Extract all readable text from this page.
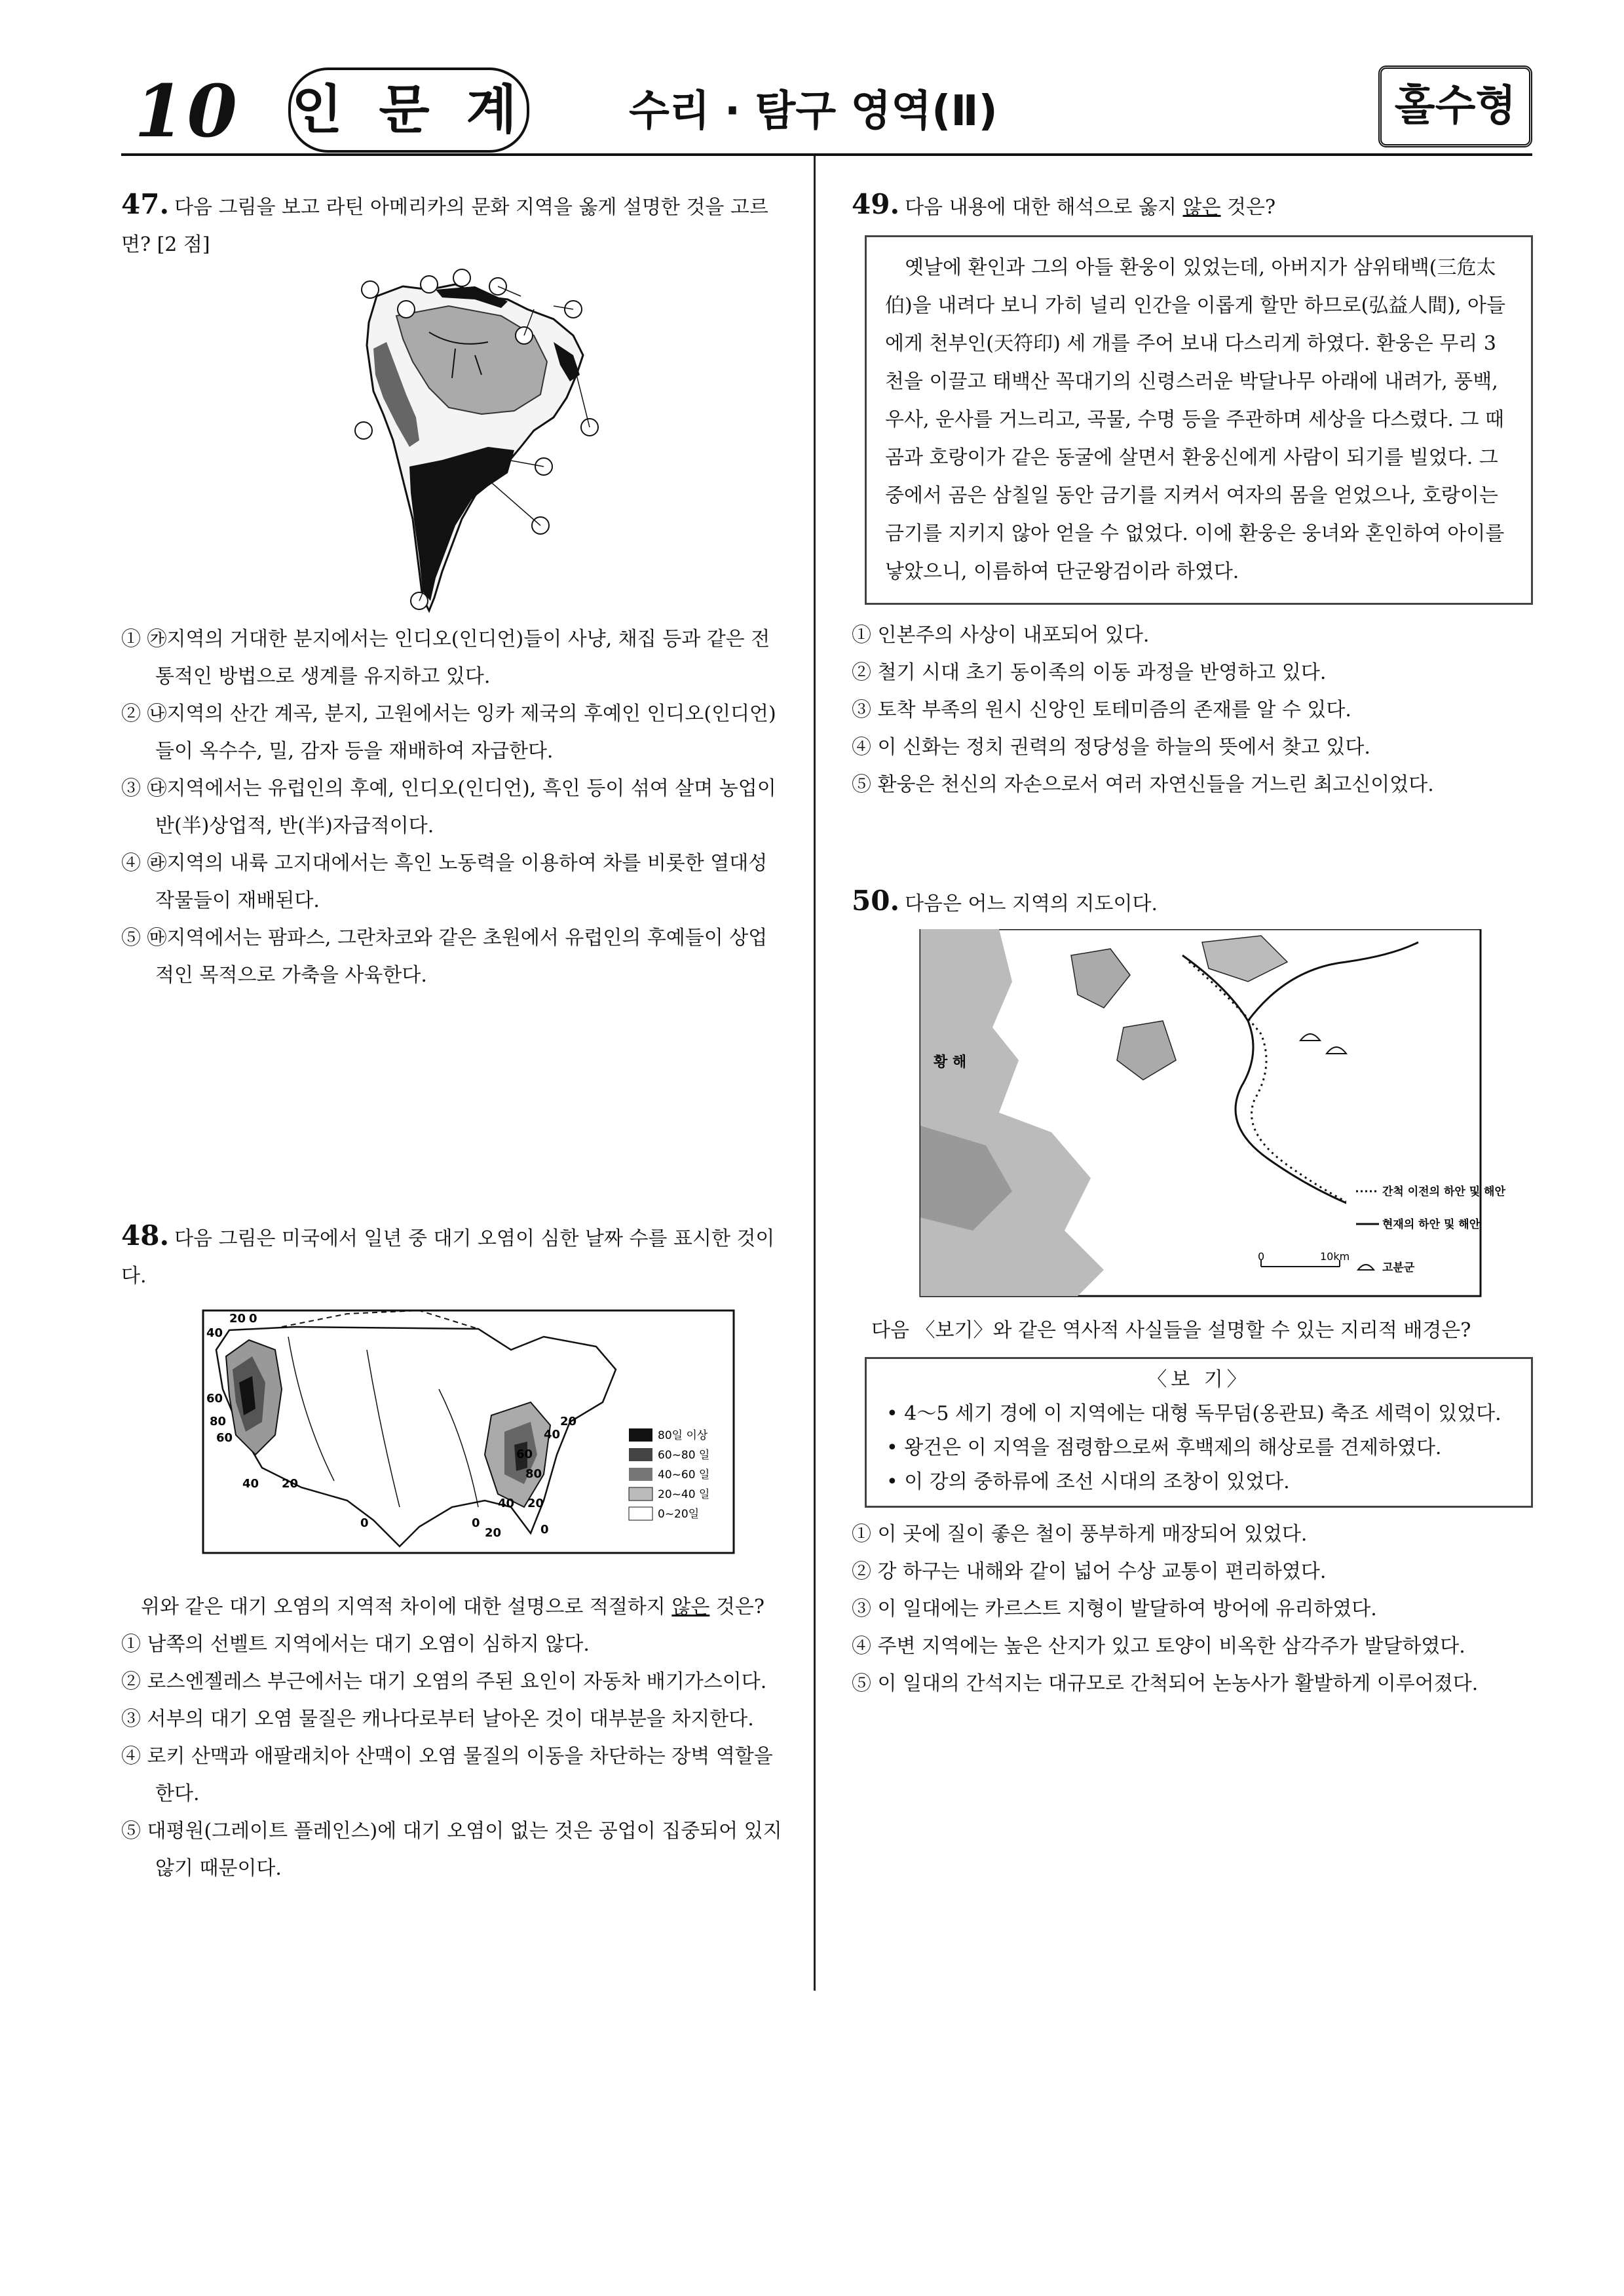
10 인 문 계 수리 · 탐구 영역(Ⅱ)	홀수형
47. 다음 그림을 보고 라틴 아메리카의 문화 지역을 옳게 설명한 것을 고르면? [2 점]
① ㉮지역의 거대한 분지에서는 인디오(인디언)들이 사냥, 채집 등과 같은 전통적인 방법으로 생계를 유지하고 있다.
② ㉯지역의 산간 계곡, 분지, 고원에서는 잉카 제국의 후예인 인디오(인디언)들이 옥수수, 밀, 감자 등을 재배하여 자급한다.
③ ㉰지역에서는 유럽인의 후예, 인디오(인디언), 흑인 등이 섞여 살며 농업이 반(半)상업적, 반(半)자급적이다.
④ ㉱지역의 내륙 고지대에서는 흑인 노동력을 이용하여 차를 비롯한 열대성 작물들이 재배된다.
⑤ ㉲지역에서는 팜파스, 그란차코와 같은 초원에서 유럽인의 후예들이 상업적인 목적으로 가축을 사육한다.
48. 다음 그림은 미국에서 일년 중 대기 오염이 심한 날짜 수를 표시한 것이다.
80일 이상
60~80 일
40~60 일
20~40 일
0~20일
40
20 0
60
80
60
40 20
0
20
40
60
80
40 20
20
0	0
위와 같은 대기 오염의 지역적 차이에 대한 설명으로 적절하지 않은 것은?
① 남쪽의 선벨트 지역에서는 대기 오염이 심하지 않다.
② 로스엔젤레스 부근에서는 대기 오염의 주된 요인이 자동차 배기가스이다.
③ 서부의 대기 오염 물질은 캐나다로부터 날아온 것이 대부분을 차지한다.
④ 로키 산맥과 애팔래치아 산맥이 오염 물질의 이동을 차단하는 장벽 역할을 한다.
⑤ 대평원(그레이트 플레인스)에 대기 오염이 없는 것은 공업이 집중되어 있지 않기 때문이다.
49. 다음 내용에 대한 해석으로 옳지 않은 것은?
옛날에 환인과 그의 아들 환웅이 있었는데, 아버지가 삼위태백(三危太伯)을 내려다 보니 가히 널리 인간을 이롭게 할만 하므로(弘益人間), 아들에게 천부인(天符印) 세 개를 주어 보내 다스리게 하였다. 환웅은 무리 3 천을 이끌고 태백산 꼭대기의 신령스러운 박달나무 아래에 내려가, 풍백, 우사, 운사를 거느리고, 곡물, 수명 등을 주관하며 세상을 다스렸다. 그 때 곰과 호랑이가 같은 동굴에 살면서 환웅신에게 사람이 되기를 빌었다. 그 중에서 곰은 삼칠일 동안 금기를 지켜서 여자의 몸을 얻었으나, 호랑이는 금기를 지키지 않아 얻을 수 없었다. 이에 환웅은 웅녀와 혼인하여 아이를 낳았으니, 이름하여 단군왕검이라 하였다.
① 인본주의 사상이 내포되어 있다.
② 철기 시대 초기 동이족의 이동 과정을 반영하고 있다.
③ 토착 부족의 원시 신앙인 토테미즘의 존재를 알 수 있다.
④ 이 신화는 정치 권력의 정당성을 하늘의 뜻에서 찾고 있다.
⑤ 환웅은 천신의 자손으로서 여러 자연신들을 거느린 최고신이었다.
50. 다음은 어느 지역의 지도이다.
황 해
간척 이전의 하안 및 해안
현재의 하안 및 해안
고분군
0	10km
다음 〈보기〉와 같은 역사적 사실들을 설명할 수 있는 지리적 배경은?
〈보 기〉
• 4～5 세기 경에 이 지역에는 대형 독무덤(옹관묘) 축조 세력이 있었다.
• 왕건은 이 지역을 점령함으로써 후백제의 해상로를 견제하였다.
• 이 강의 중하류에 조선 시대의 조창이 있었다.
① 이 곳에 질이 좋은 철이 풍부하게 매장되어 있었다.
② 강 하구는 내해와 같이 넓어 수상 교통이 편리하였다.
③ 이 일대에는 카르스트 지형이 발달하여 방어에 유리하였다.
④ 주변 지역에는 높은 산지가 있고 토양이 비옥한 삼각주가 발달하였다.
⑤ 이 일대의 간석지는 대규모로 간척되어 논농사가 활발하게 이루어졌다.
